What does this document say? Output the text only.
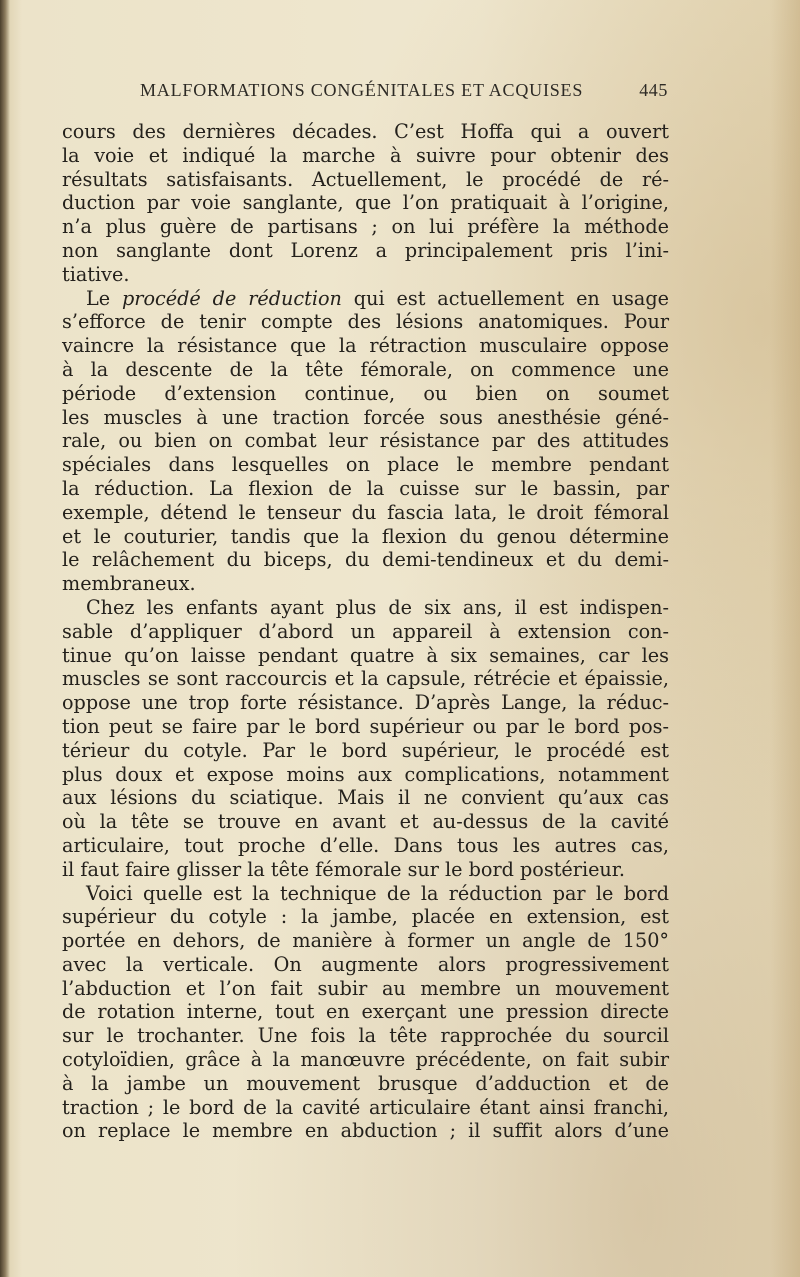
MALFORMATIONS CONGÉNITALES ET ACQUISES	445

cours des dernières décades. C’est Hoffa qui a ouvert
la voie et indiqué la marche à suivre pour obtenir des
résultats satisfaisants. Actuellement, le procédé de ré-
duction par voie sanglante, que l’on pratiquait à l’origine,
n’a plus guère de partisans ; on lui préfère la méthode
non sanglante dont Lorenz a principalement pris l’ini-
tiative.

Le procédé de réduction qui est actuellement en usage
s’efforce de tenir compte des lésions anatomiques. Pour
vaincre la résistance que la rétraction musculaire oppose
à la descente de la tête fémorale, on commence une
période d’extension continue, ou bien on soumet
les muscles à une traction forcée sous anesthésie géné-
rale, ou bien on combat leur résistance par des attitudes
spéciales dans lesquelles on place le membre pendant
la réduction. La flexion de la cuisse sur le bassin, par
exemple, détend le tenseur du fascia lata, le droit fémoral
et le couturier, tandis que la flexion du genou détermine
le relâchement du biceps, du demi-tendineux et du demi-
membraneux.

Chez les enfants ayant plus de six ans, il est indispen-
sable d’appliquer d’abord un appareil à extension con-
tinue qu’on laisse pendant quatre à six semaines, car les
muscles se sont raccourcis et la capsule, rétrécie et épaissie,
oppose une trop forte résistance. D’après Lange, la réduc-
tion peut se faire par le bord supérieur ou par le bord pos-
térieur du cotyle. Par le bord supérieur, le procédé est
plus doux et expose moins aux complications, notamment
aux lésions du sciatique. Mais il ne convient qu’aux cas
où la tête se trouve en avant et au-dessus de la cavité
articulaire, tout proche d’elle. Dans tous les autres cas,
il faut faire glisser la tête fémorale sur le bord postérieur.

Voici quelle est la technique de la réduction par le bord
supérieur du cotyle : la jambe, placée en extension, est
portée en dehors, de manière à former un angle de 150°
avec la verticale. On augmente alors progressivement
l’abduction et l’on fait subir au membre un mouvement
de rotation interne, tout en exerçant une pression directe
sur le trochanter. Une fois la tête rapprochée du sourcil
cotyloïdien, grâce à la manœuvre précédente, on fait subir
à la jambe un mouvement brusque d’adduction et de
traction ; le bord de la cavité articulaire étant ainsi franchi,
on replace le membre en abduction ; il suffit alors d’une
